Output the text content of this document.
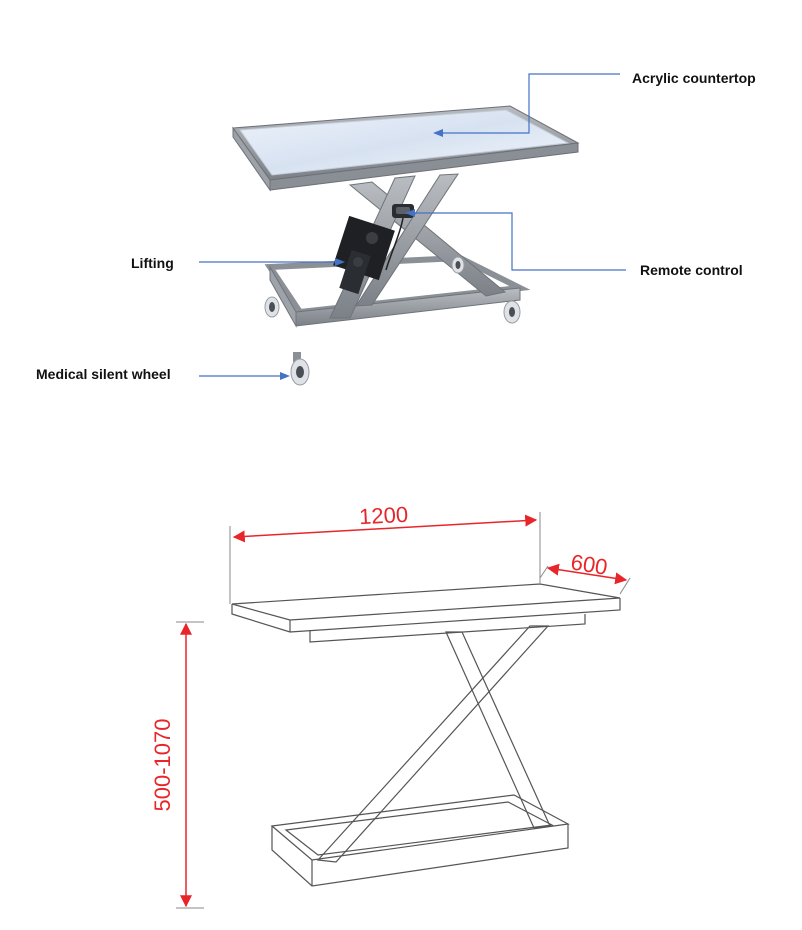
Acrylic countertop
Lifting	Remote control
Medical silent wheel
1200
600
500-1070
